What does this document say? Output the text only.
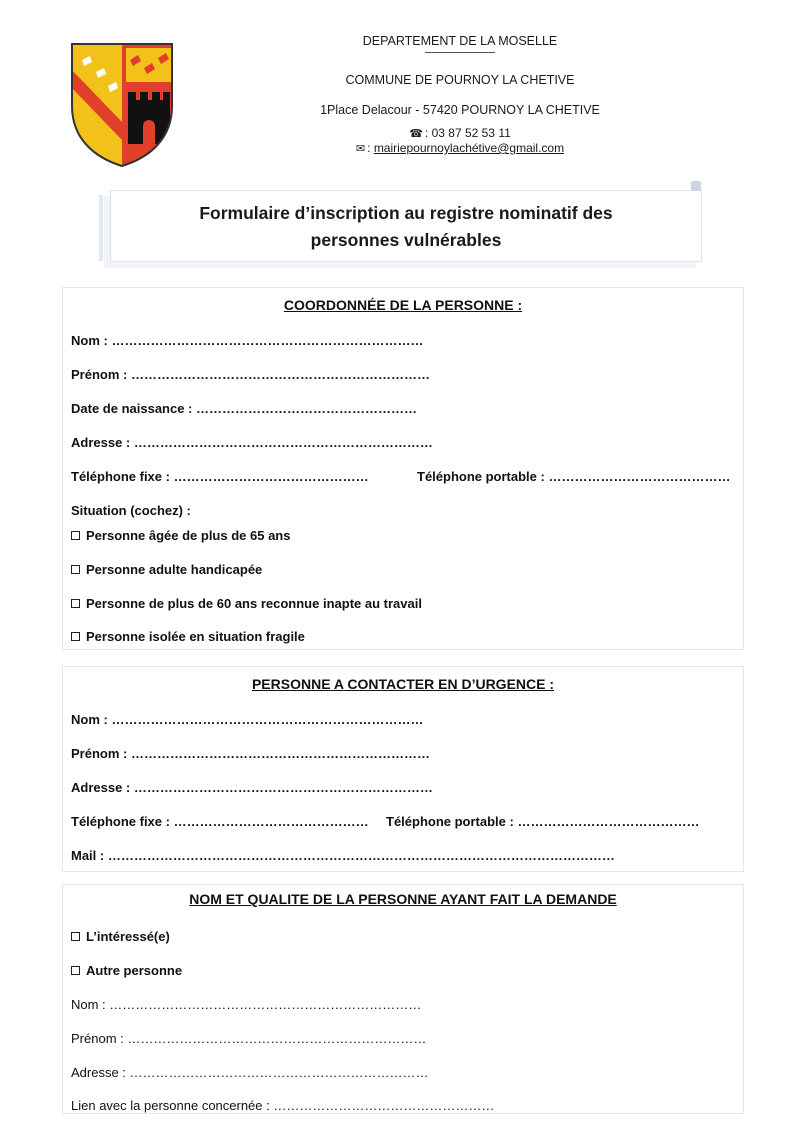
DEPARTEMENT DE LA MOSELLE
COMMUNE DE POURNOY LA CHETIVE
1Place Delacour - 57420 POURNOY LA CHETIVE
☎ : 03 87 52 53 11
✉ : mairiepournoylachétive@gmail.com
Formulaire d’inscription au registre nominatif des
personnes vulnérables
COORDONNÉE DE LA PERSONNE :
Nom : ………………………………………………………………
Prénom : ……………………………………………………………
Date de naissance : ……………………………………………
Adresse : ……………………………………………………………
Téléphone fixe : ………………………………………	Téléphone portable : ……………………………………
Situation (cochez) :
Personne âgée de plus de 65 ans
Personne adulte handicapée
Personne de plus de 60 ans reconnue inapte au travail
Personne isolée en situation fragile
PERSONNE A CONTACTER EN D’URGENCE :
Nom : ………………………………………………………………
Prénom : ……………………………………………………………
Adresse : ……………………………………………………………
Téléphone fixe : ……………………………………… Téléphone portable : ……………………………………
Mail : ………………………………………………………………………………………………………
NOM ET QUALITE DE LA PERSONNE AYANT FAIT LA DEMANDE
L’intéressé(e)
Autre personne
Nom : ………………………………………………………………
Prénom : ……………………………………………………………
Adresse : ……………………………………………………………
Lien avec la personne concernée : ……………………………………………
